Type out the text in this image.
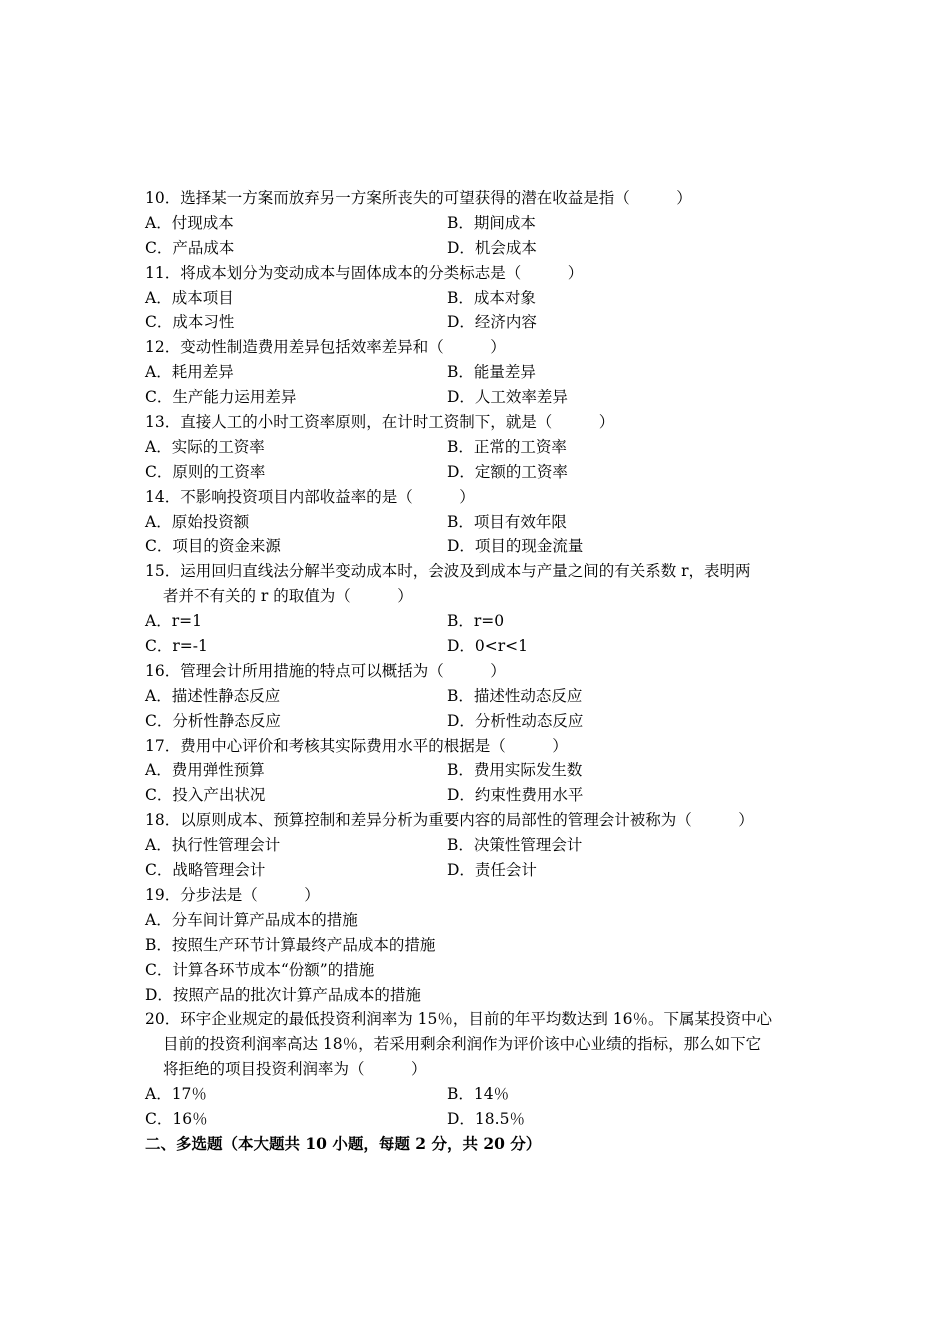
10．选择某一方案而放弃另一方案所丧失的可望获得的潜在收益是指（　　　）
A．付现成本	B．期间成本
C．产品成本	D．机会成本
11．将成本划分为变动成本与固体成本的分类标志是（　　　）
A．成本项目	B．成本对象
C．成本习性	D．经济内容
12．变动性制造费用差异包括效率差异和（　　　）
A．耗用差异	B．能量差异
C．生产能力运用差异	D．人工效率差异
13．直接人工的小时工资率原则，在计时工资制下，就是（　　　）
A．实际的工资率	B．正常的工资率
C．原则的工资率	D．定额的工资率
14．不影响投资项目内部收益率的是（　　　）
A．原始投资额	B．项目有效年限
C．项目的资金来源	D．项目的现金流量
15．运用回归直线法分解半变动成本时，会波及到成本与产量之间的有关系数 r，表明两
者并不有关的 r 的取值为（　　　）
A．r=1	B．r=0
C．r=-1	D．0<r<1
16．管理会计所用措施的特点可以概括为（　　　）
A．描述性静态反应	B．描述性动态反应
C．分析性静态反应	D．分析性动态反应
17．费用中心评价和考核其实际费用水平的根据是（　　　）
A．费用弹性预算	B．费用实际发生数
C．投入产出状况	D．约束性费用水平
18．以原则成本、预算控制和差异分析为重要内容的局部性的管理会计被称为（　　　）
A．执行性管理会计	B．决策性管理会计
C．战略管理会计	D．责任会计
19．分步法是（　　　）
A．分车间计算产品成本的措施
B．按照生产环节计算最终产品成本的措施
C．计算各环节成本“份额”的措施
D．按照产品的批次计算产品成本的措施
20．环宇企业规定的最低投资利润率为 15％，目前的年平均数达到 16％。下属某投资中心
目前的投资利润率高达 18％，若采用剩余利润作为评价该中心业绩的指标，那么如下它
将拒绝的项目投资利润率为（　　　）
A．17％	B．14％
C．16％	D．18.5％
二、多选题（本大题共 10 小题，每题 2 分，共 20 分）
